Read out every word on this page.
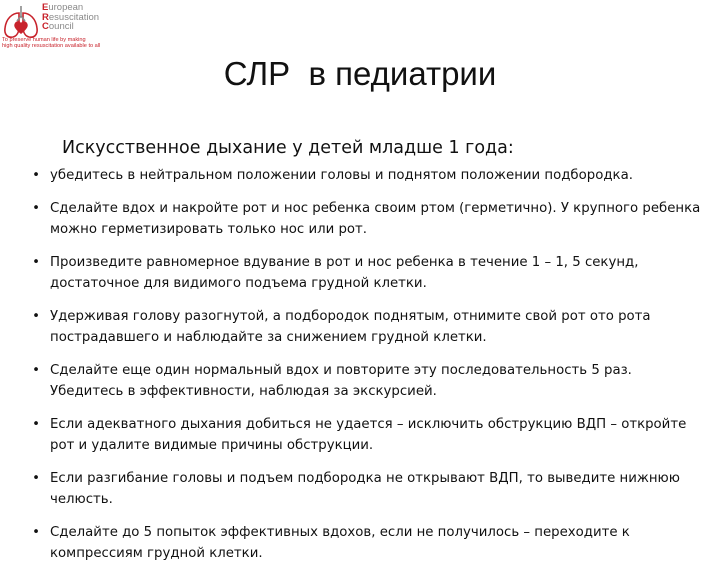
European
Resuscitation
Council
To preserve human life by making
high quality resuscitation available to all
СЛР  в педиатрии
Искусственное дыхание у детей младше 1 года:
• убедитесь в нейтральном положении головы и поднятом положении подбородка.
• Сделайте вдох и накройте рот и нос ребенка своим ртом (герметично). У крупного ребенка можно герметизировать только нос или рот.
• Произведите равномерное вдувание в рот и нос ребенка в течение 1 – 1, 5 секунд, достаточное для видимого подъема грудной клетки.
• Удерживая голову разогнутой, а подбородок поднятым, отнимите свой рот ото рота пострадавшего и наблюдайте за снижением грудной клетки.
• Сделайте еще один нормальный вдох и повторите эту последовательность 5 раз. Убедитесь в эффективности, наблюдая за экскурсией.
• Если адекватного дыхания добиться не удается – исключить обструкцию ВДП – откройте рот и удалите видимые причины обструкции.
• Если разгибание головы и подъем подбородка не открывают ВДП, то выведите нижнюю челюсть.
• Сделайте до 5 попыток эффективных вдохов, если не получилось – переходите к компрессиям грудной клетки.
